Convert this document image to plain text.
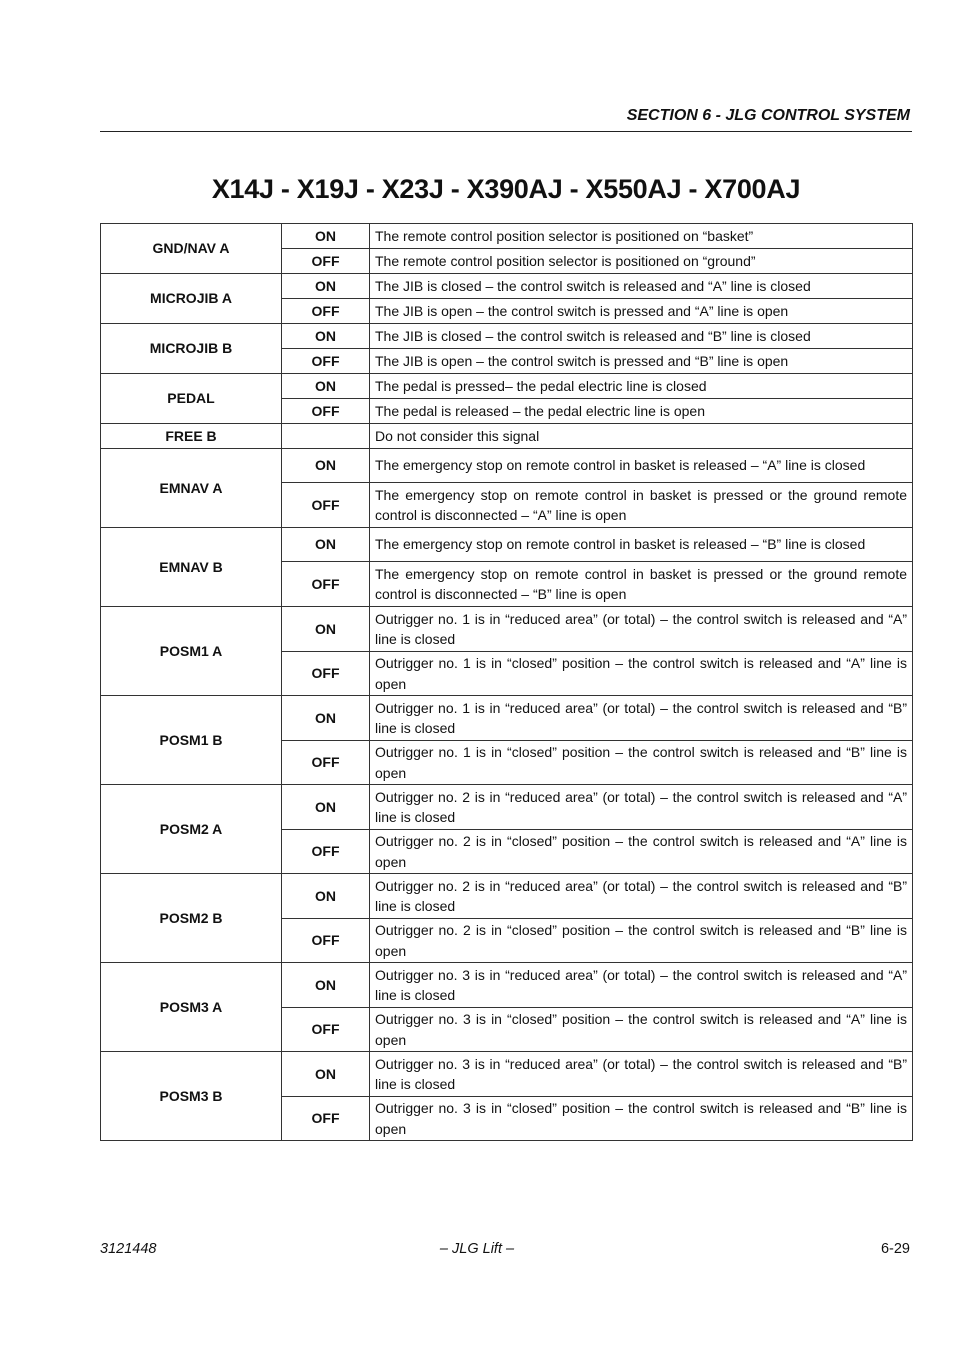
SECTION 6 - JLG CONTROL SYSTEM
X14J - X19J - X23J - X390AJ - X550AJ - X700AJ
GND/NAV A	ON	The remote control position selector is positioned on “basket”
	OFF	The remote control position selector is positioned on “ground”
MICROJIB A	ON	The JIB is closed – the control switch is released and “A” line is closed
	OFF	The JIB is open – the control switch is pressed and “A” line is open
MICROJIB B	ON	The JIB is closed – the control switch is released and “B” line is closed
	OFF	The JIB is open – the control switch is pressed and “B” line is open
PEDAL	ON	The pedal is pressed– the pedal electric line is closed
	OFF	The pedal is released – the pedal electric line is open
FREE B		Do not consider this signal
EMNAV A	ON	The emergency stop on remote control in basket is released – “A” line is closed
	OFF	The emergency stop on remote control in basket is pressed or the ground remote control is disconnected – “A” line is open
EMNAV B	ON	The emergency stop on remote control in basket is released – “B” line is closed
	OFF	The emergency stop on remote control in basket is pressed or the ground remote control is disconnected – “B” line is open
POSM1 A	ON	Outrigger no. 1 is in “reduced area” (or total) – the control switch is released and “A” line is closed
	OFF	Outrigger no. 1 is in “closed” position – the control switch is released and “A” line is open
POSM1 B	ON	Outrigger no. 1 is in “reduced area” (or total) – the control switch is released and “B” line is closed
	OFF	Outrigger no. 1 is in “closed” position – the control switch is released and “B” line is open
POSM2 A	ON	Outrigger no. 2 is in “reduced area” (or total) – the control switch is released and “A” line is closed
	OFF	Outrigger no. 2 is in “closed” position – the control switch is released and “A” line is open
POSM2 B	ON	Outrigger no. 2 is in “reduced area” (or total) – the control switch is released and “B” line is closed
	OFF	Outrigger no. 2 is in “closed” position – the control switch is released and “B” line is open
POSM3 A	ON	Outrigger no. 3 is in “reduced area” (or total) – the control switch is released and “A” line is closed
	OFF	Outrigger no. 3 is in “closed” position – the control switch is released and “A” line is open
POSM3 B	ON	Outrigger no. 3 is in “reduced area” (or total) – the control switch is released and “B” line is closed
	OFF	Outrigger no. 3 is in “closed” position – the control switch is released and “B” line is open
3121448	– JLG Lift –	6-29
